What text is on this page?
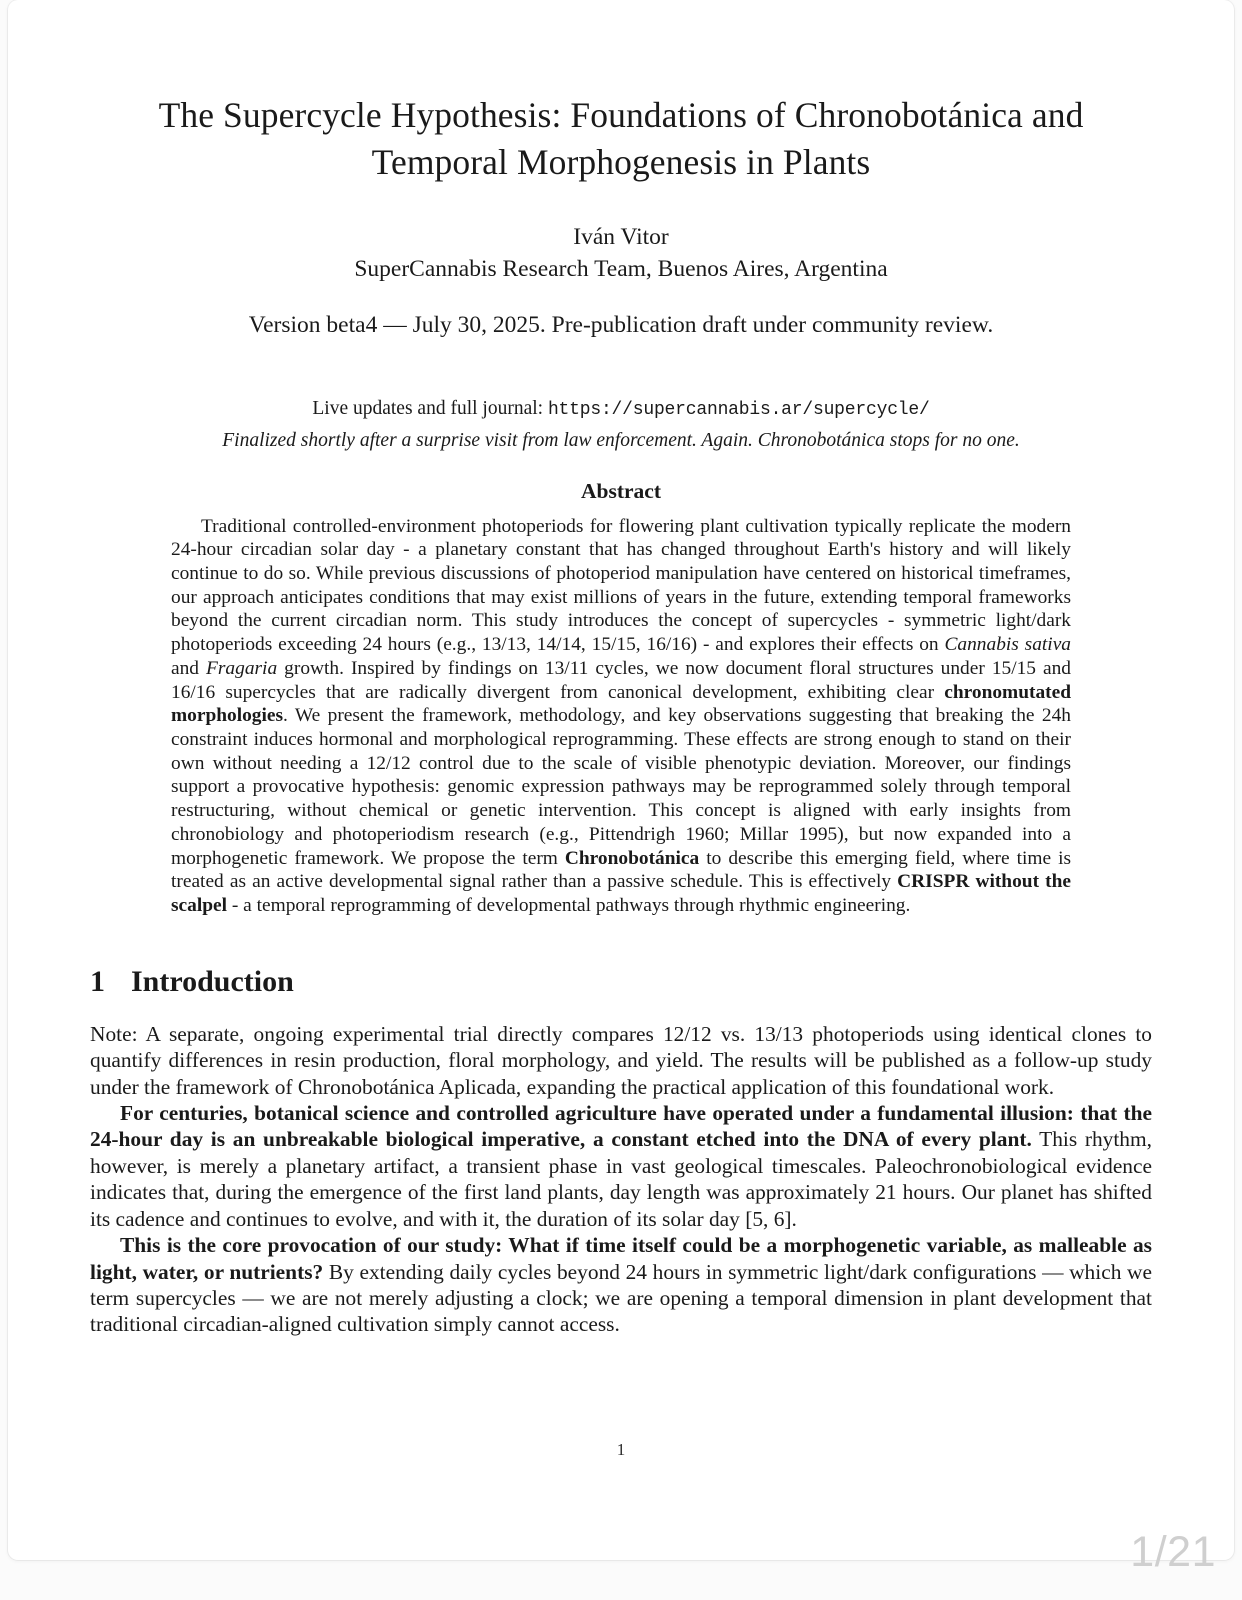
The Supercycle Hypothesis: Foundations of Chronobotánica and
Temporal Morphogenesis in Plants
Iván Vitor
SuperCannabis Research Team, Buenos Aires, Argentina
Version beta4 — July 30, 2025. Pre-publication draft under community review.
Live updates and full journal: https://supercannabis.ar/supercycle/
Finalized shortly after a surprise visit from law enforcement. Again. Chronobotánica stops for no one.
Abstract
Traditional controlled-environment photoperiods for flowering plant cultivation typically replicate the modern 24-hour circadian solar day - a planetary constant that has changed throughout Earth's history and will likely continue to do so. While previous discussions of photoperiod manipulation have centered on historical timeframes, our approach anticipates conditions that may exist millions of years in the future, extending temporal frameworks beyond the current circadian norm. This study introduces the concept of supercycles - symmetric light/dark photoperiods exceeding 24 hours (e.g., 13/13, 14/14, 15/15, 16/16) - and explores their effects on Cannabis sativa and Fragaria growth. Inspired by findings on 13/11 cycles, we now document floral structures under 15/15 and 16/16 supercycles that are radically divergent from canonical development, exhibiting clear chronomutated morphologies. We present the framework, methodology, and key observations suggesting that breaking the 24h constraint induces hormonal and morphological reprogramming. These effects are strong enough to stand on their own without needing a 12/12 control due to the scale of visible phenotypic deviation. Moreover, our findings support a provocative hypothesis: genomic expression pathways may be reprogrammed solely through temporal restructuring, without chemical or genetic intervention. This concept is aligned with early insights from chronobiology and photoperiodism research (e.g., Pittendrigh 1960; Millar 1995), but now expanded into a morphogenetic framework. We propose the term Chronobotánica to describe this emerging field, where time is treated as an active developmental signal rather than a passive schedule. This is effectively CRISPR without the scalpel - a temporal reprogramming of developmental pathways through rhythmic engineering.
1 Introduction

Note: A separate, ongoing experimental trial directly compares 12/12 vs. 13/13 photoperiods using identical clones to quantify differences in resin production, floral morphology, and yield. The results will be published as a follow-up study under the framework of Chronobotánica Aplicada, expanding the practical application of this foundational work.

For centuries, botanical science and controlled agriculture have operated under a fundamental illusion: that the 24-hour day is an unbreakable biological imperative, a constant etched into the DNA of every plant. This rhythm, however, is merely a planetary artifact, a transient phase in vast geological timescales. Paleochronobiological evidence indicates that, during the emergence of the first land plants, day length was approximately 21 hours. Our planet has shifted its cadence and continues to evolve, and with it, the duration of its solar day [5, 6].

This is the core provocation of our study: What if time itself could be a morphogenetic variable, as malleable as light, water, or nutrients? By extending daily cycles beyond 24 hours in symmetric light/dark configurations — which we term supercycles — we are not merely adjusting a clock; we are opening a temporal dimension in plant development that traditional circadian-aligned cultivation simply cannot access.

1
1/21
